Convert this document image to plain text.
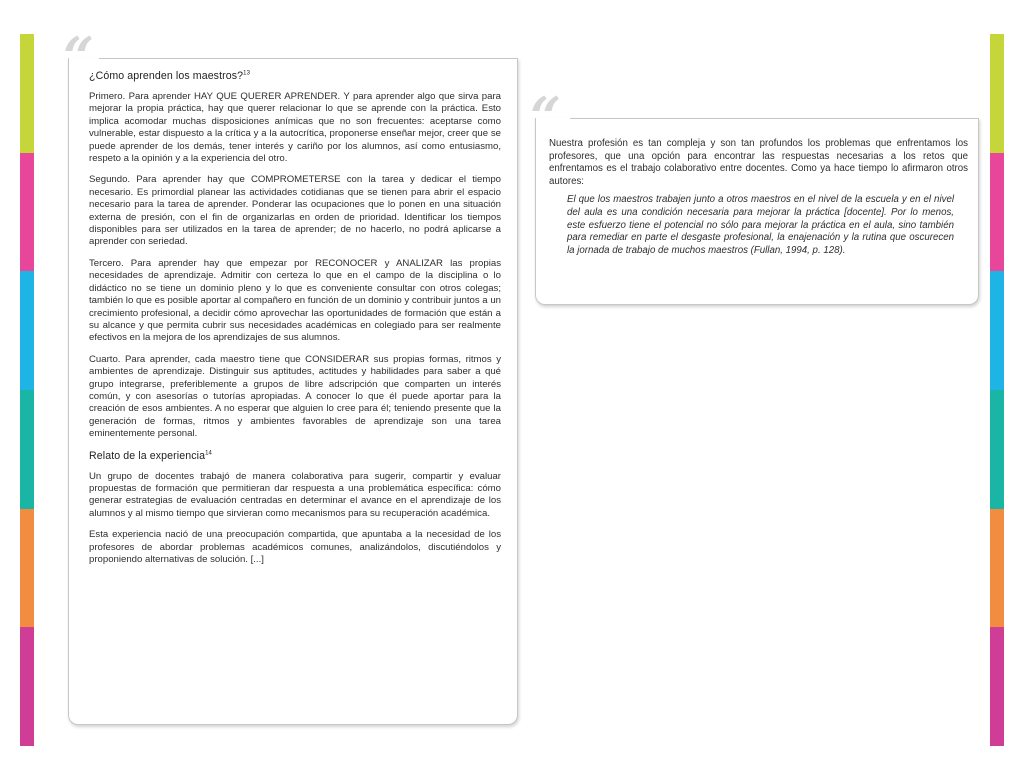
“
¿Cómo aprenden los maestros?$^{13}$

Primero. Para aprender HAY QUE QUERER APRENDER. Y para aprender algo que sirva para mejorar la propia práctica, hay que querer relacionar lo que se aprende con la práctica. Esto implica acomodar muchas disposiciones anímicas que no son frecuentes: aceptarse como vulnerable, estar dispuesto a la crítica y a la autocrítica, proponerse enseñar mejor, creer que se puede aprender de los demás, tener interés y cariño por los alumnos, así como entusiasmo, respeto a la opinión y a la experiencia del otro.

Segundo. Para aprender hay que COMPROMETERSE con la tarea y dedicar el tiempo necesario. Es primordial planear las actividades cotidianas que se tienen para abrir el espacio necesario para la tarea de aprender. Ponderar las ocupaciones que lo ponen en una situación externa de presión, con el fin de organizarlas en orden de prioridad. Identificar los tiempos disponibles para ser utilizados en la tarea de aprender; de no hacerlo, no podrá aplicarse a aprender con seriedad.

Tercero. Para aprender hay que empezar por RECONOCER y ANALIZAR las propias necesidades de aprendizaje. Admitir con certeza lo que en el campo de la disciplina o lo didáctico no se tiene un dominio pleno y lo que es conveniente consultar con otros colegas; también lo que es posible aportar al compañero en función de un dominio y contribuir juntos a un crecimiento profesional, a decidir cómo aprovechar las oportunidades de formación que están a su alcance y que permita cubrir sus necesidades académicas en colegiado para ser realmente efectivos en la mejora de los aprendizajes de sus alumnos.

Cuarto. Para aprender, cada maestro tiene que CONSIDERAR sus propias formas, ritmos y ambientes de aprendizaje. Distinguir sus aptitudes, actitudes y habilidades para saber a qué grupo integrarse, preferiblemente a grupos de libre adscripción que comparten un interés común, y con asesorías o tutorías apropiadas. A conocer lo que él puede aportar para la creación de esos ambientes. A no esperar que alguien lo cree para él; teniendo presente que la generación de formas, ritmos y ambientes favorables de aprendizaje son una tarea eminentemente personal.

Relato de la experiencia$^{14}$

Un grupo de docentes trabajó de manera colaborativa para sugerir, compartir y evaluar propuestas de formación que permitieran dar respuesta a una problemática específica: cómo generar estrategias de evaluación centradas en determinar el avance en el aprendizaje de los alumnos y al mismo tiempo que sirvieran como mecanismos para su recuperación académica.

Esta experiencia nació de una preocupación compartida, que apuntaba a la necesidad de los profesores de abordar problemas académicos comunes, analizándolos, discutiéndolos y proponiendo alternativas de solución. [...]

“

Nuestra profesión es tan compleja y son tan profundos los problemas que enfrentamos los profesores, que una opción para encontrar las respuestas necesarias a los retos que enfrentamos es el trabajo colaborativo entre docentes. Como ya hace tiempo lo afirmaron otros autores:

El que los maestros trabajen junto a otros maestros en el nivel de la escuela y en el nivel del aula es una condición necesaria para mejorar la práctica [docente]. Por lo menos, este esfuerzo tiene el potencial no sólo para mejorar la práctica en el aula, sino también para remediar en parte el desgaste profesional, la enajenación y la rutina que oscurecen la jornada de trabajo de muchos maestros (Fullan, 1994, p. 128).
